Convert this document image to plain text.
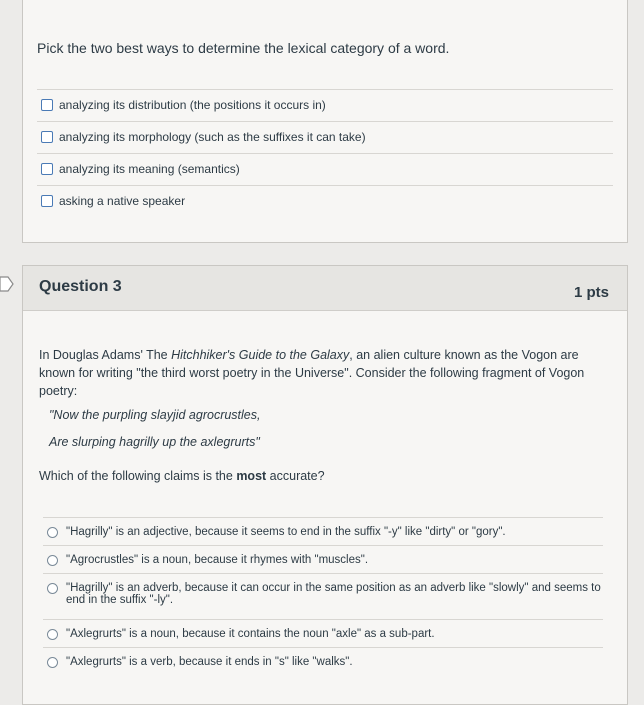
Pick the two best ways to determine the lexical category of a word.
analyzing its distribution (the positions it occurs in)
analyzing its morphology (such as the suffixes it can take)
analyzing its meaning (semantics)
asking a native speaker
Question 3	1 pts
In Douglas Adams' The Hitchhiker's Guide to the Galaxy, an alien culture known as the Vogon are known for writing "the third worst poetry in the Universe". Consider the following fragment of Vogon poetry:
"Now the purpling slayjid agrocrustles,
Are slurping hagrilly up the axlegrurts"
Which of the following claims is the most accurate?
"Hagrilly" is an adjective, because it seems to end in the suffix "-y" like "dirty" or "gory".
"Agrocrustles" is a noun, because it rhymes with "muscles".
"Hagrilly" is an adverb, because it can occur in the same position as an adverb like "slowly" and seems to end in the suffix "-ly".
"Axlegrurts" is a noun, because it contains the noun "axle" as a sub-part.
"Axlegrurts" is a verb, because it ends in "s" like "walks".
